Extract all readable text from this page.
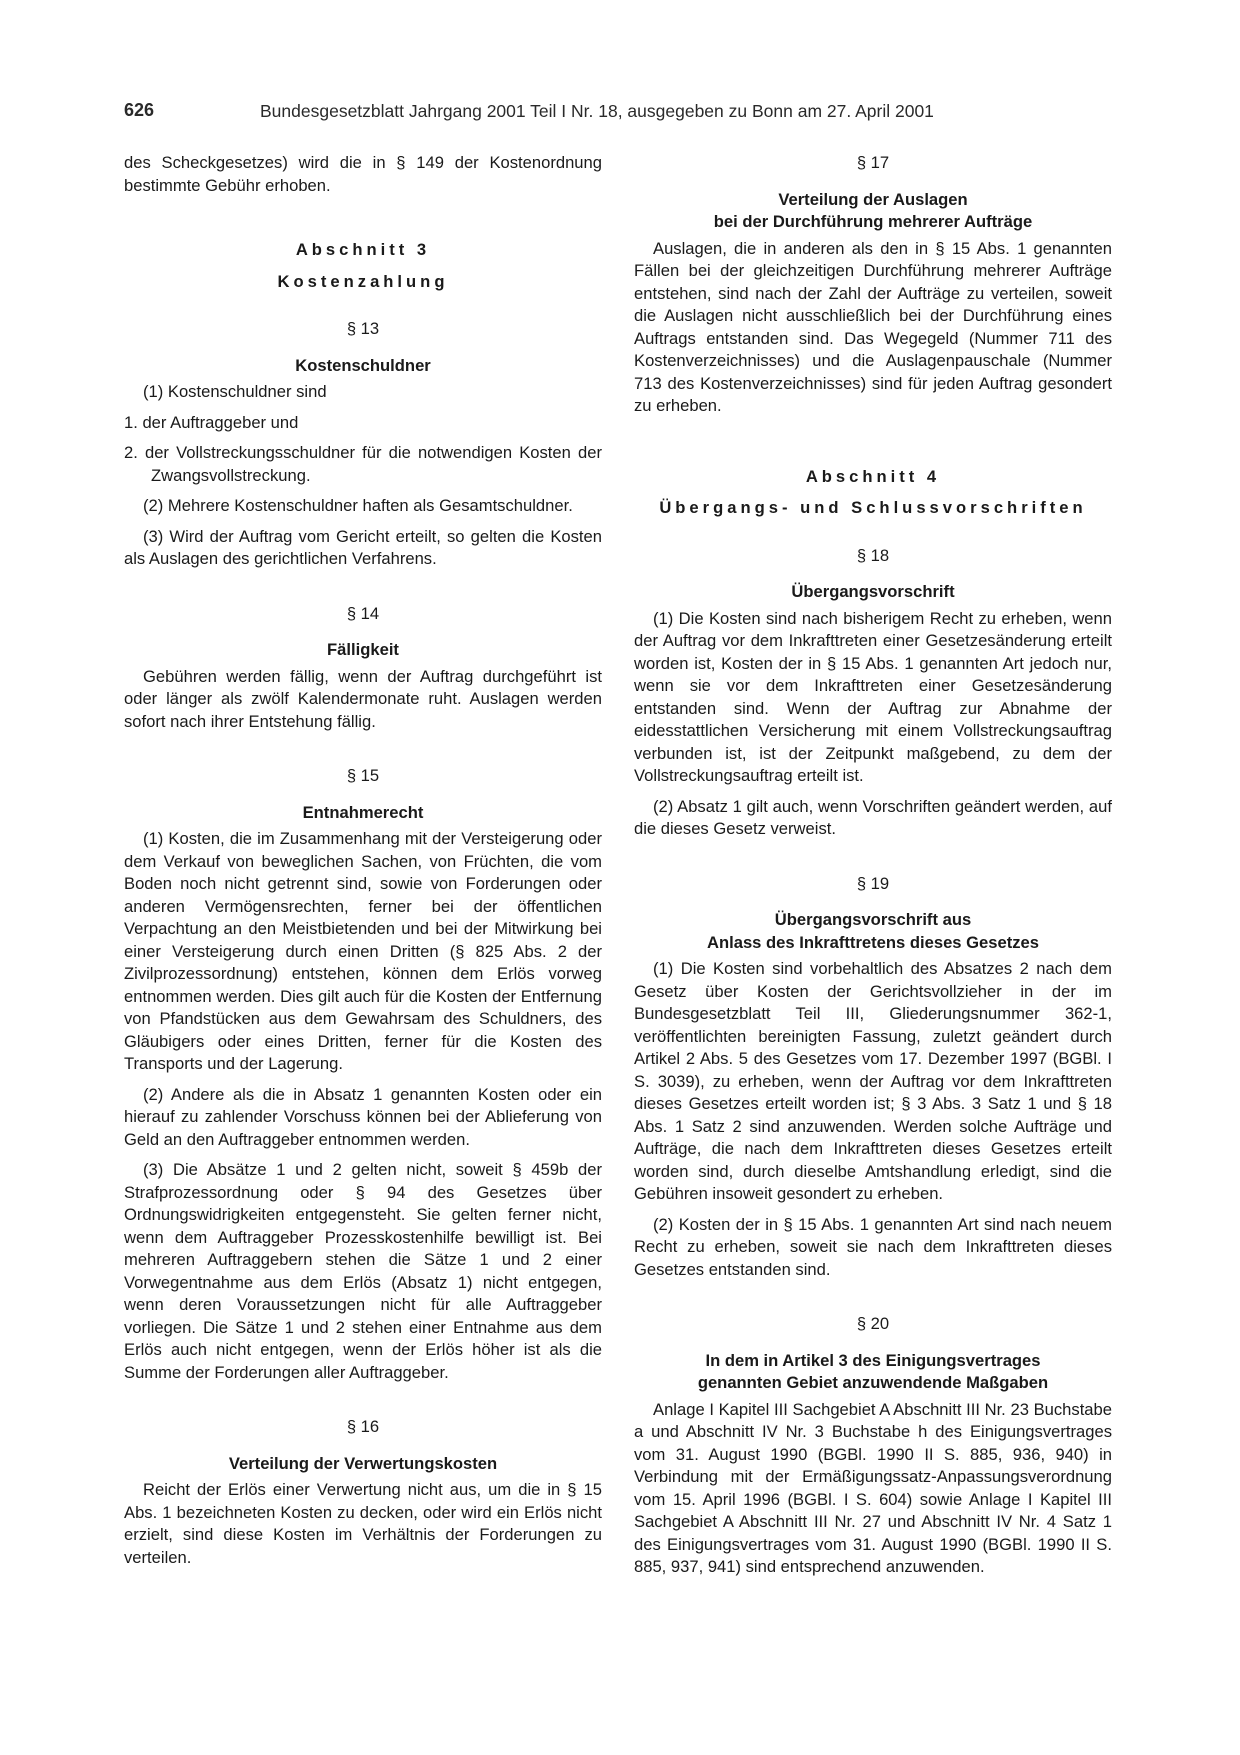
626	Bundesgesetzblatt Jahrgang 2001 Teil I Nr. 18, ausgegeben zu Bonn am 27. April 2001

des Scheckgesetzes) wird die in § 149 der Kostenordnung bestimmte Gebühr erhoben.

Abschnitt 3
Kostenzahlung
§ 13
Kostenschuldner

(1) Kostenschuldner sind

1. der Auftraggeber und

2. der Vollstreckungsschuldner für die notwendigen Kosten der Zwangsvollstreckung.

(2) Mehrere Kostenschuldner haften als Gesamtschuldner.

(3) Wird der Auftrag vom Gericht erteilt, so gelten die Kosten als Auslagen des gerichtlichen Verfahrens.

§ 14
Fälligkeit

Gebühren werden fällig, wenn der Auftrag durchgeführt ist oder länger als zwölf Kalendermonate ruht. Auslagen werden sofort nach ihrer Entstehung fällig.

§ 15
Entnahmerecht

(1) Kosten, die im Zusammenhang mit der Versteigerung oder dem Verkauf von beweglichen Sachen, von Früchten, die vom Boden noch nicht getrennt sind, sowie von Forderungen oder anderen Vermögensrechten, ferner bei der öffentlichen Verpachtung an den Meistbietenden und bei der Mitwirkung bei einer Versteigerung durch einen Dritten (§ 825 Abs. 2 der Zivilprozessordnung) entstehen, können dem Erlös vorweg entnommen werden. Dies gilt auch für die Kosten der Entfernung von Pfandstücken aus dem Gewahrsam des Schuldners, des Gläubigers oder eines Dritten, ferner für die Kosten des Transports und der Lagerung.

(2) Andere als die in Absatz 1 genannten Kosten oder ein hierauf zu zahlender Vorschuss können bei der Ablieferung von Geld an den Auftraggeber entnommen werden.

(3) Die Absätze 1 und 2 gelten nicht, soweit § 459b der Strafprozessordnung oder § 94 des Gesetzes über Ordnungswidrigkeiten entgegensteht. Sie gelten ferner nicht, wenn dem Auftraggeber Prozesskostenhilfe bewilligt ist. Bei mehreren Auftraggebern stehen die Sätze 1 und 2 einer Vorwegentnahme aus dem Erlös (Absatz 1) nicht entgegen, wenn deren Voraussetzungen nicht für alle Auftraggeber vorliegen. Die Sätze 1 und 2 stehen einer Entnahme aus dem Erlös auch nicht entgegen, wenn der Erlös höher ist als die Summe der Forderungen aller Auftraggeber.

§ 16
Verteilung der Verwertungskosten

Reicht der Erlös einer Verwertung nicht aus, um die in § 15 Abs. 1 bezeichneten Kosten zu decken, oder wird ein Erlös nicht erzielt, sind diese Kosten im Verhältnis der Forderungen zu verteilen.

§ 17
Verteilung der Auslagen
bei der Durchführung mehrerer Aufträge

Auslagen, die in anderen als den in § 15 Abs. 1 genannten Fällen bei der gleichzeitigen Durchführung mehrerer Aufträge entstehen, sind nach der Zahl der Aufträge zu verteilen, soweit die Auslagen nicht ausschließlich bei der Durchführung eines Auftrags entstanden sind. Das Wegegeld (Nummer 711 des Kostenverzeichnisses) und die Auslagenpauschale (Nummer 713 des Kostenverzeichnisses) sind für jeden Auftrag gesondert zu erheben.

Abschnitt 4
Übergangs- und Schlussvorschriften
§ 18
Übergangsvorschrift

(1) Die Kosten sind nach bisherigem Recht zu erheben, wenn der Auftrag vor dem Inkrafttreten einer Gesetzesänderung erteilt worden ist, Kosten der in § 15 Abs. 1 genannten Art jedoch nur, wenn sie vor dem Inkrafttreten einer Gesetzesänderung entstanden sind. Wenn der Auftrag zur Abnahme der eidesstattlichen Versicherung mit einem Vollstreckungsauftrag verbunden ist, ist der Zeitpunkt maßgebend, zu dem der Vollstreckungsauftrag erteilt ist.

(2) Absatz 1 gilt auch, wenn Vorschriften geändert werden, auf die dieses Gesetz verweist.

§ 19
Übergangsvorschrift aus
Anlass des Inkrafttretens dieses Gesetzes

(1) Die Kosten sind vorbehaltlich des Absatzes 2 nach dem Gesetz über Kosten der Gerichtsvollzieher in der im Bundesgesetzblatt Teil III, Gliederungsnummer 362-1, veröffentlichten bereinigten Fassung, zuletzt geändert durch Artikel 2 Abs. 5 des Gesetzes vom 17. Dezember 1997 (BGBl. I S. 3039), zu erheben, wenn der Auftrag vor dem Inkrafttreten dieses Gesetzes erteilt worden ist; § 3 Abs. 3 Satz 1 und § 18 Abs. 1 Satz 2 sind anzuwenden. Werden solche Aufträge und Aufträge, die nach dem Inkrafttreten dieses Gesetzes erteilt worden sind, durch dieselbe Amtshandlung erledigt, sind die Gebühren insoweit gesondert zu erheben.

(2) Kosten der in § 15 Abs. 1 genannten Art sind nach neuem Recht zu erheben, soweit sie nach dem Inkrafttreten dieses Gesetzes entstanden sind.

§ 20
In dem in Artikel 3 des Einigungsvertrages
genannten Gebiet anzuwendende Maßgaben

Anlage I Kapitel III Sachgebiet A Abschnitt III Nr. 23 Buchstabe a und Abschnitt IV Nr. 3 Buchstabe h des Einigungsvertrages vom 31. August 1990 (BGBl. 1990 II S. 885, 936, 940) in Verbindung mit der Ermäßigungssatz-Anpassungsverordnung vom 15. April 1996 (BGBl. I S. 604) sowie Anlage I Kapitel III Sachgebiet A Abschnitt III Nr. 27 und Abschnitt IV Nr. 4 Satz 1 des Einigungsvertrages vom 31. August 1990 (BGBl. 1990 II S. 885, 937, 941) sind entsprechend anzuwenden.
